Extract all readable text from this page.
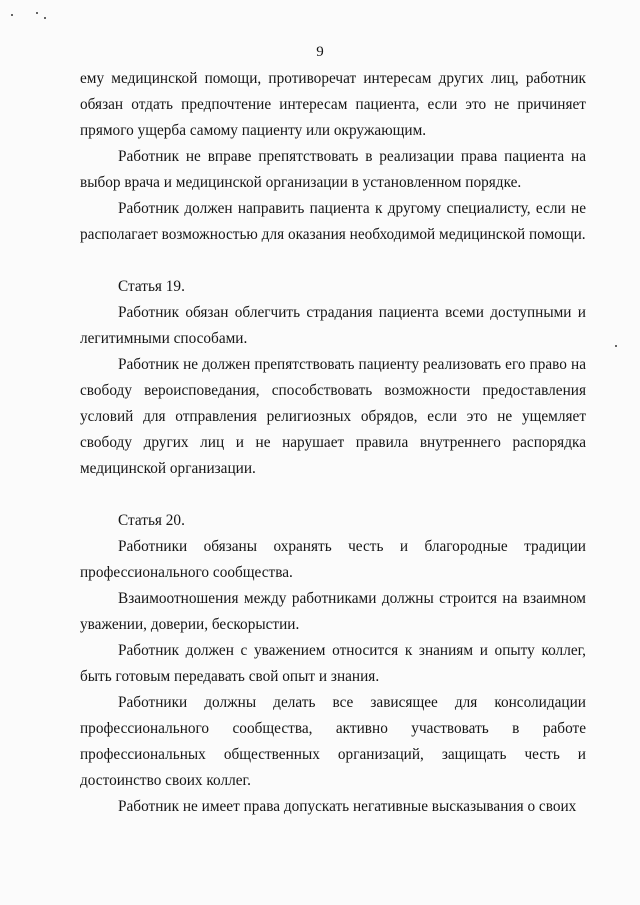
9

ему медицинской помощи, противоречат интересам других лиц, работник обязан отдать предпочтение интересам пациента, если это не причиняет прямого ущерба самому пациенту или окружающим.

Работник не вправе препятствовать в реализации права пациента на выбор врача и медицинской организации в установленном порядке.

Работник должен направить пациента к другому специалисту, если не располагает возможностью для оказания необходимой медицинской помощи.

Статья 19.

Работник обязан облегчить страдания пациента всеми доступными и легитимными способами.

Работник не должен препятствовать пациенту реализовать его право на свободу вероисповедания, способствовать возможности предоставления условий для отправления религиозных обрядов, если это не ущемляет свободу других лиц и не нарушает правила внутреннего распорядка медицинской организации.

Статья 20.

Работники обязаны охранять честь и благородные традиции профессионального сообщества.

Взаимоотношения между работниками должны строится на взаимном уважении, доверии, бескорыстии.

Работник должен с уважением относится к знаниям и опыту коллег, быть готовым передавать свой опыт и знания.

Работники должны делать все зависящее для консолидации профессионального сообщества, активно участвовать в работе профессиональных общественных организаций, защищать честь и достоинство своих коллег.

Работник не имеет права допускать негативные высказывания о своих
